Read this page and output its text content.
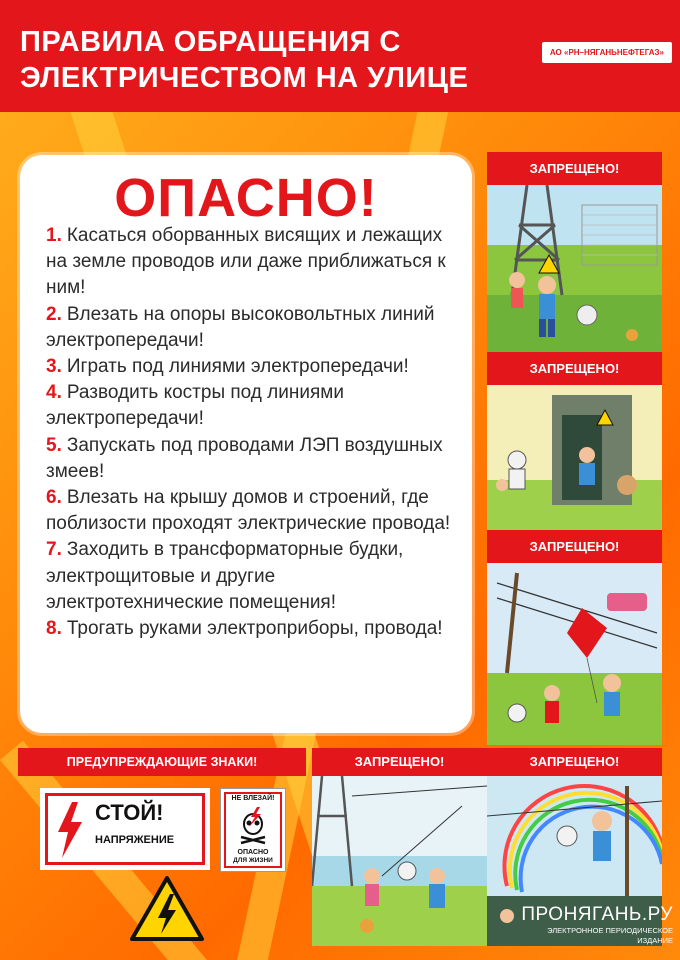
ПРАВИЛА ОБРАЩЕНИЯ С
ЭЛЕКТРИЧЕСТВОМ НА УЛИЦЕ
АО «РН–НЯГАНЬНЕФТЕГАЗ»
ОПАСНО!
1. Касаться оборванных висящих и лежащих на земле проводов или даже приближаться к ним!
2. Влезать на опоры высоковольтных линий электропередачи!
3. Играть под линиями электропередачи!
4. Разводить костры под линиями электропередачи!
5. Запускать под проводами ЛЭП воздушных змеев!
6. Влезать на крышу домов и строений, где поблизости проходят электрические провода!
7. Заходить в трансформаторные будки, электрощитовые и другие электротехнические помещения!
8. Трогать руками электроприборы, провода!
ЗАПРЕЩЕНО!
ЗАПРЕЩЕНО!
ЗАПРЕЩЕНО!
ПРЕДУПРЕЖДАЮЩИЕ ЗНАКИ!	ЗАПРЕЩЕНО!	ЗАПРЕЩЕНО!
СТОЙ!
НАПРЯЖЕНИЕ
НЕ ВЛЕЗАЙ!
ОПАСНО
ДЛЯ ЖИЗНИ
ПРОНЯГАНЬ.РУ
ЭЛЕКТРОННОЕ ПЕРИОДИЧЕСКОЕ
ИЗДАНИЕ
